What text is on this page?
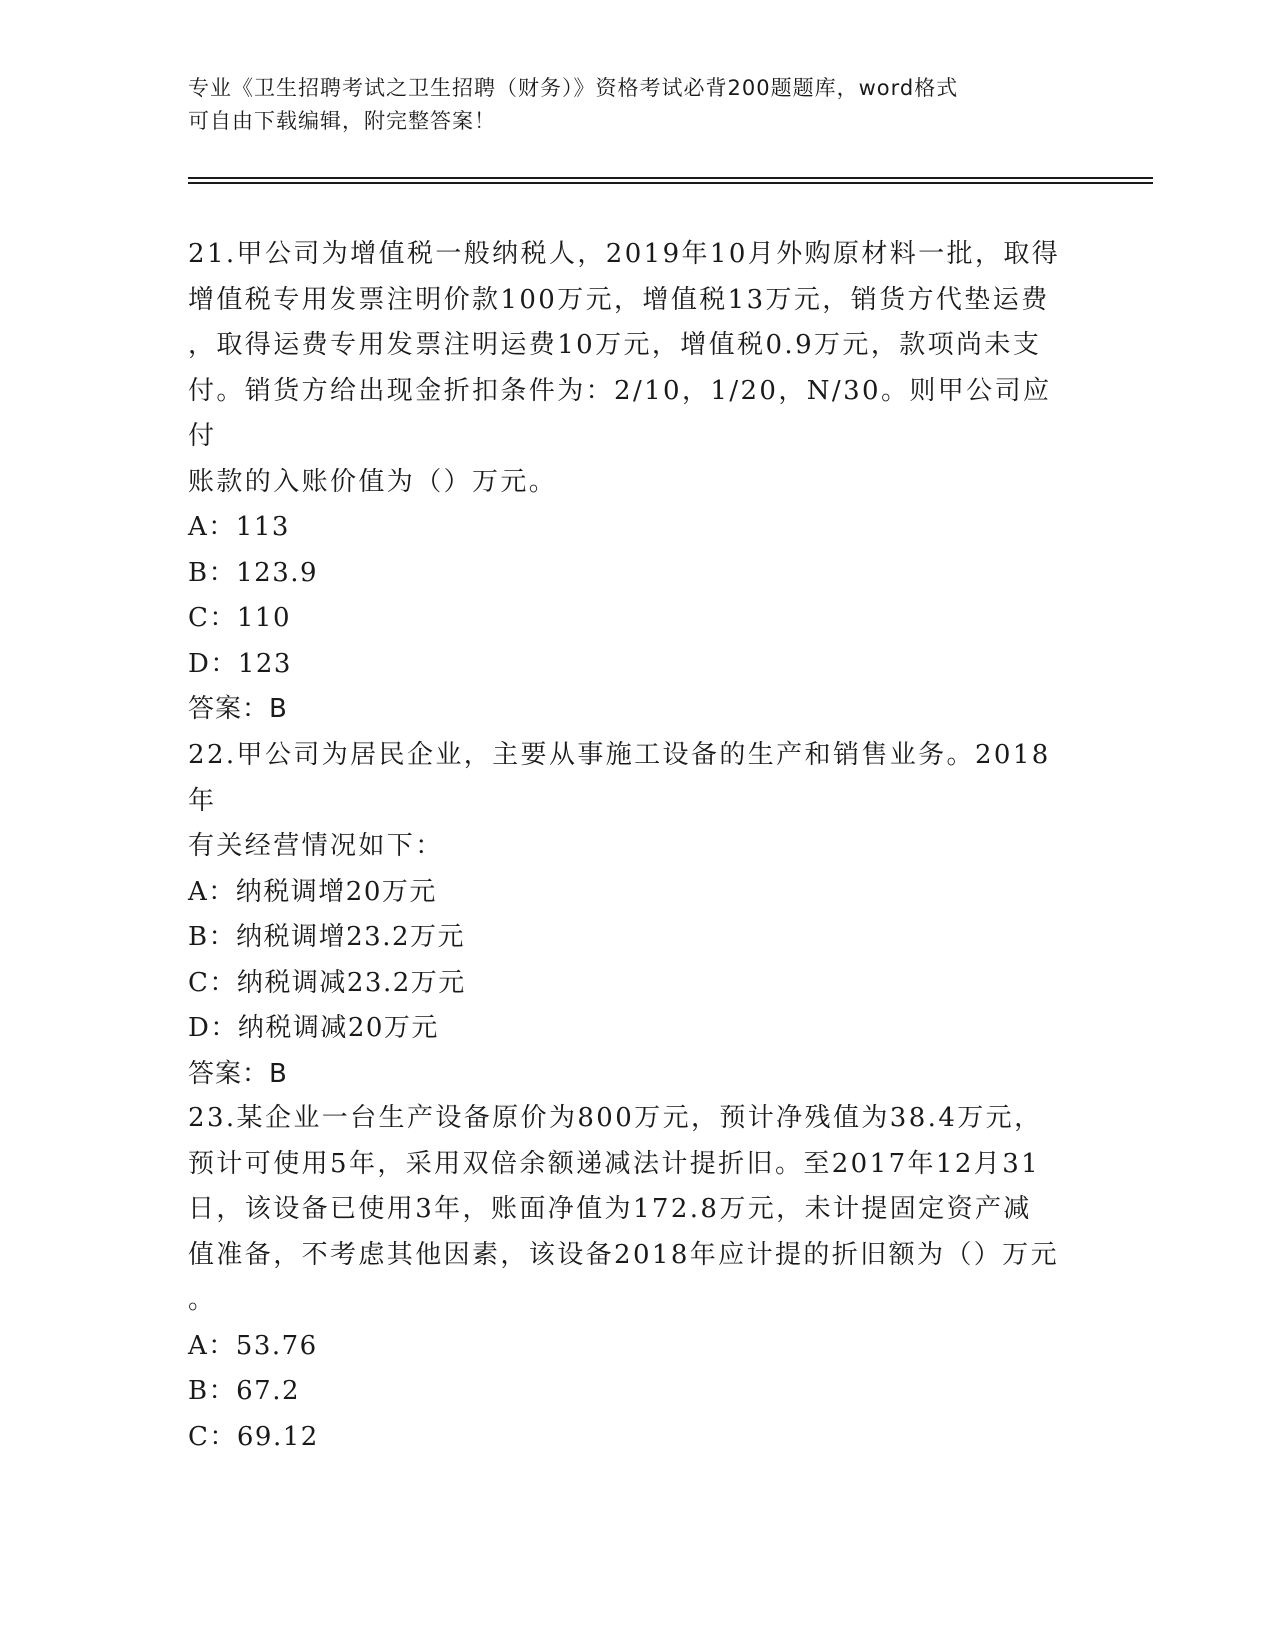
专业《卫生招聘考试之卫生招聘（财务）》资格考试必背200题题库，word格式
可自由下载编辑，附完整答案！

21.甲公司为增值税一般纳税人，2019年10月外购原材料一批，取得

增值税专用发票注明价款100万元，增值税13万元，销货方代垫运费

，取得运费专用发票注明运费10万元，增值税0.9万元，款项尚未支

付。销货方给出现金折扣条件为：2/10，1/20，N/30。则甲公司应付

账款的入账价值为（）万元。

A：113

B：123.9

C：110

D：123

答案：B

22.甲公司为居民企业，主要从事施工设备的生产和销售业务。2018年

有关经营情况如下：

A：纳税调增20万元

B：纳税调增23.2万元

C：纳税调减23.2万元

D：纳税调减20万元

答案：B

23.某企业一台生产设备原价为800万元，预计净残值为38.4万元，

预计可使用5年，采用双倍余额递减法计提折旧。至2017年12月31

日，该设备已使用3年，账面净值为172.8万元，未计提固定资产减

值准备，不考虑其他因素，该设备2018年应计提的折旧额为（）万元

。

A：53.76

B：67.2

C：69.12
